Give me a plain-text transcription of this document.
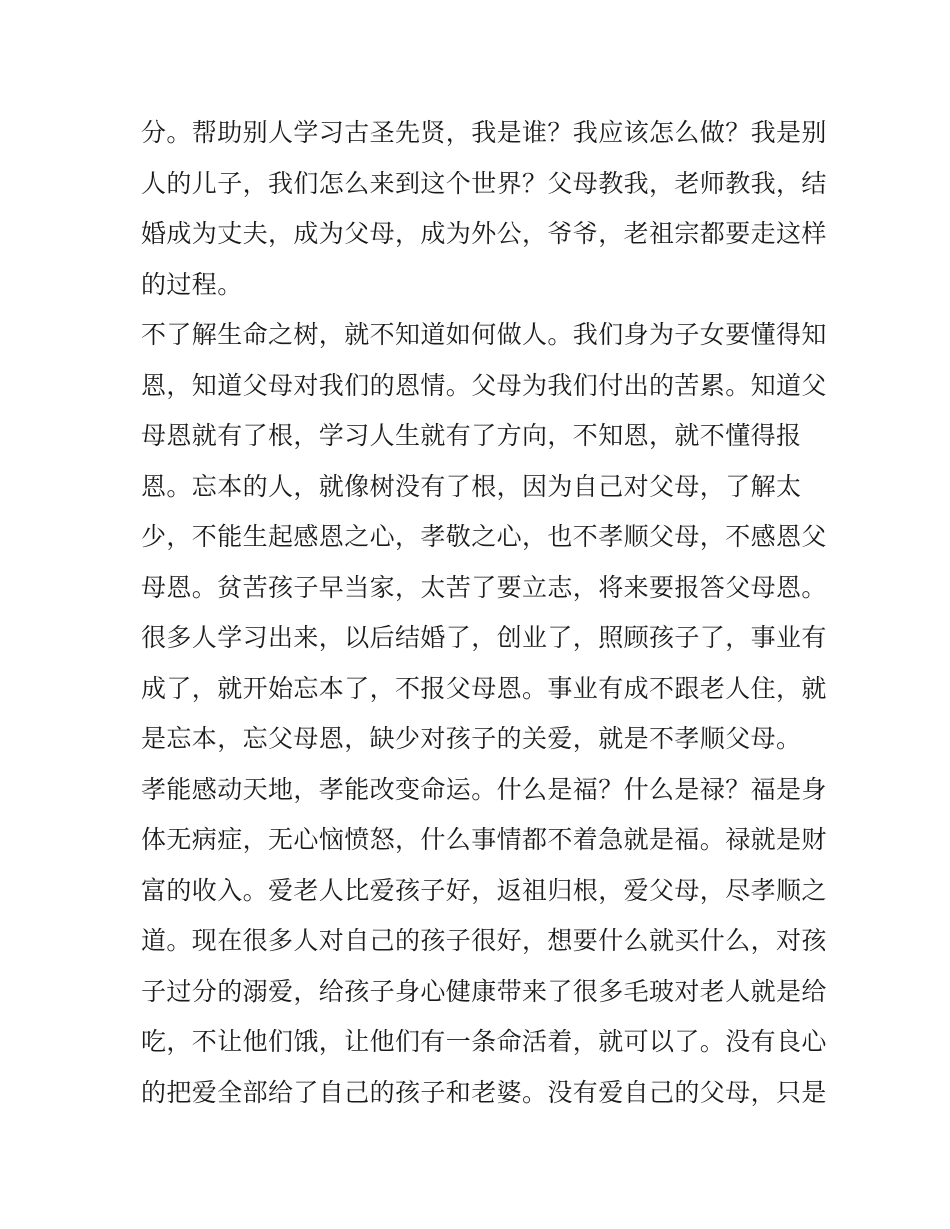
分。帮助别人学习古圣先贤，我是谁？我应该怎么做？我是别
人的儿子，我们怎么来到这个世界？父母教我，老师教我，结
婚成为丈夫，成为父母，成为外公，爷爷，老祖宗都要走这样
的过程。
不了解生命之树，就不知道如何做人。我们身为子女要懂得知
恩，知道父母对我们的恩情。父母为我们付出的苦累。知道父
母恩就有了根，学习人生就有了方向，不知恩，就不懂得报
恩。忘本的人，就像树没有了根，因为自己对父母，了解太
少，不能生起感恩之心，孝敬之心，也不孝顺父母，不感恩父
母恩。贫苦孩子早当家，太苦了要立志，将来要报答父母恩。
很多人学习出来，以后结婚了，创业了，照顾孩子了，事业有
成了，就开始忘本了，不报父母恩。事业有成不跟老人住，就
是忘本，忘父母恩，缺少对孩子的关爱，就是不孝顺父母。
孝能感动天地，孝能改变命运。什么是福？什么是禄？福是身
体无病症，无心恼愤怒，什么事情都不着急就是福。禄就是财
富的收入。爱老人比爱孩子好，返祖归根，爱父母，尽孝顺之
道。现在很多人对自己的孩子很好，想要什么就买什么，对孩
子过分的溺爱，给孩子身心健康带来了很多毛玻对老人就是给
吃，不让他们饿，让他们有一条命活着，就可以了。没有良心
的把爱全部给了自己的孩子和老婆。没有爱自己的父母，只是
